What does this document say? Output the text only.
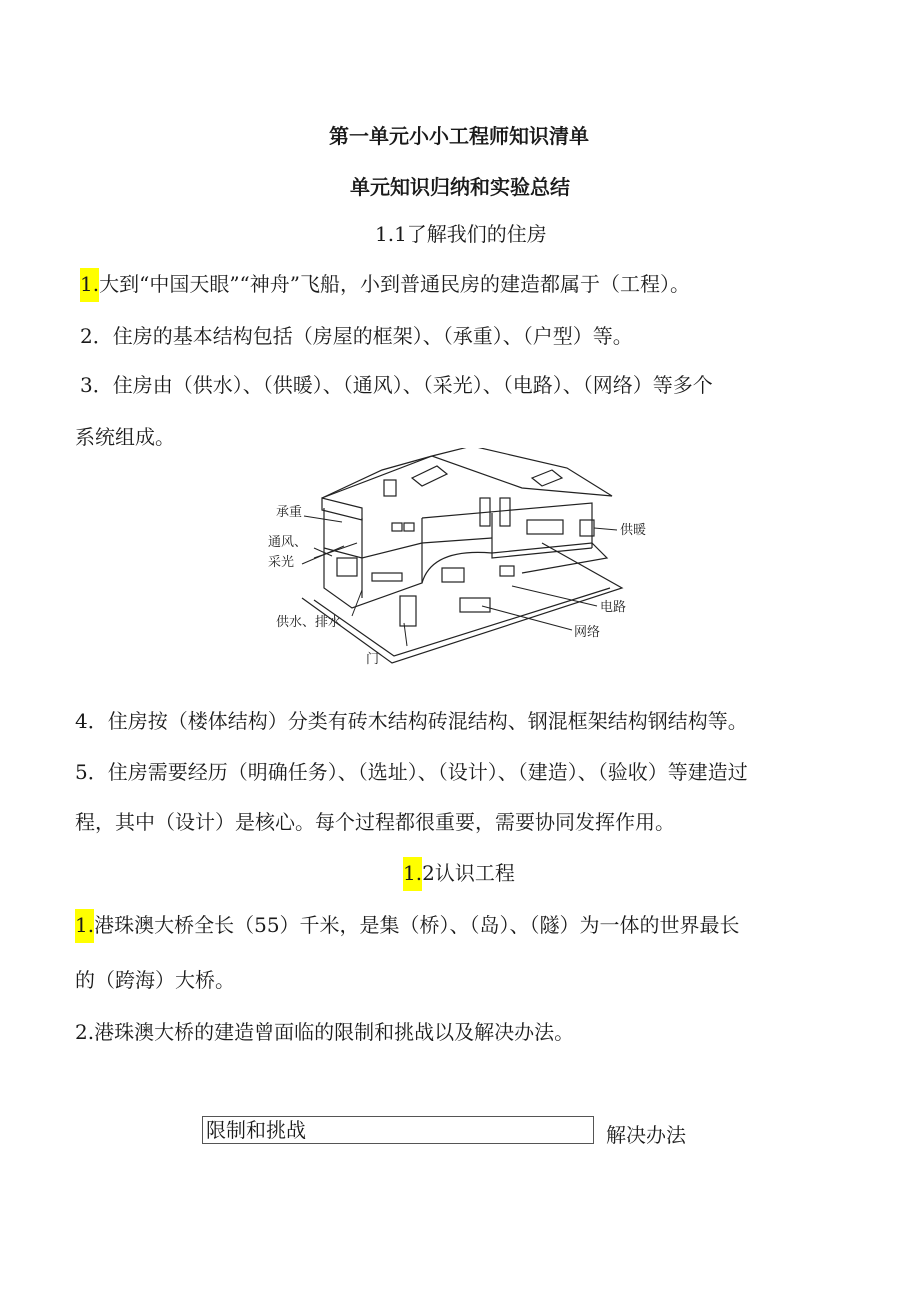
第一单元小小工程师知识清单
单元知识归纳和实验总结
1.1了解我们的住房
1.大到“中国天眼”“神舟”飞船，小到普通民房的建造都属于（工程）。
2．住房的基本结构包括（房屋的框架）、（承重）、（户型）等。
3．住房由（供水）、（供暖）、（通风）、（采光）、（电路）、（网络）等多个
系统组成。
承重
通风、
采光
供水、排水
门
供暖
电路
网络
4．住房按（楼体结构）分类有砖木结构砖混结构、钢混框架结构钢结构等。
5．住房需要经历（明确任务）、（选址）、（设计）、（建造）、（验收）等建造过
程，其中（设计）是核心。每个过程都很重要，需要协同发挥作用。
1.2认识工程
1.港珠澳大桥全长（55）千米，是集（桥）、（岛）、（隧）为一体的世界最长
的（跨海）大桥。
2.港珠澳大桥的建造曾面临的限制和挑战以及解决办法。
限制和挑战	解决办法
